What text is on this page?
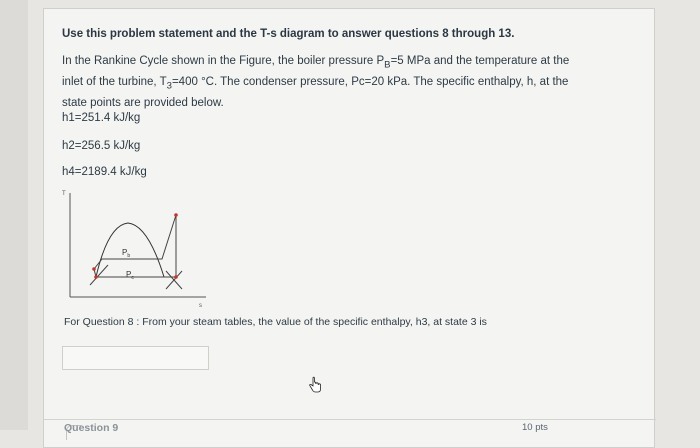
Use this problem statement and the T-s diagram to answer questions 8 through 13.
In the Rankine Cycle shown in the Figure, the boiler pressure $P_B=5$ MPa and the temperature at the inlet of the turbine, $T_3=400$ °C. The condenser pressure, Pc=20 kPa. The specific enthalpy, h, at the state points are provided below.
h1=251.4 kJ/kg
h2=256.5 kJ/kg
h4=2189.4 kJ/kg
T
s
$P_b$
$P_c$
For Question 8 : From your steam tables, the value of the specific enthalpy, h3, at state 3 is
Question 9	10 pts
